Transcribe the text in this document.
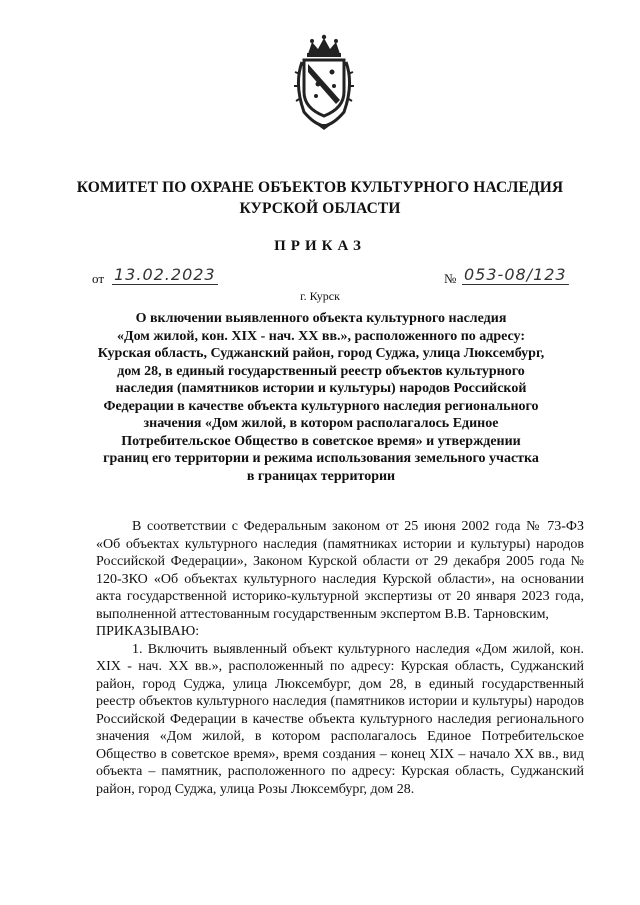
КОМИТЕТ ПО ОХРАНЕ ОБЪЕКТОВ КУЛЬТУРНОГО НАСЛЕДИЯ
КУРСКОЙ ОБЛАСТИ
ПРИКАЗ
от 13.02.2023	№ 053-08/123
г. Курск
О включении выявленного объекта культурного наследия
«Дом жилой, кон. XIX - нач. XX вв.», расположенного по адресу:
Курская область, Суджанский район, город Суджа, улица Люксембург,
дом 28, в единый государственный реестр объектов культурного
наследия (памятников истории и культуры) народов Российской
Федерации в качестве объекта культурного наследия регионального
значения «Дом жилой, в котором располагалось Единое
Потребительское Общество в советское время» и утверждении
границ его территории и режима использования земельного участка
в границах территории

В соответствии с Федеральным законом от 25 июня 2002 года № 73-ФЗ «Об объектах культурного наследия (памятниках истории и культуры) народов Российской Федерации», Законом Курской области от 29 декабря 2005 года № 120-ЗКО «Об объектах культурного наследия Курской области», на основании акта государственной историко-культурной экспертизы от 20 января 2023 года, выполненной аттестованным государственным экспертом В.В. Тарновским,

ПРИКАЗЫВАЮ:

1. Включить выявленный объект культурного наследия «Дом жилой, кон. XIX - нач. XX вв.», расположенный по адресу: Курская область, Суджанский район, город Суджа, улица Люксембург, дом 28, в единый государственный реестр объектов культурного наследия (памятников истории и культуры) народов Российской Федерации в качестве объекта культурного наследия регионального значения «Дом жилой, в котором располагалось Единое Потребительское Общество в советское время», время создания – конец XIX – начало XX вв., вид объекта – памятник, расположенного по адресу: Курская область, Суджанский район, город Суджа, улица Розы Люксембург, дом 28.
